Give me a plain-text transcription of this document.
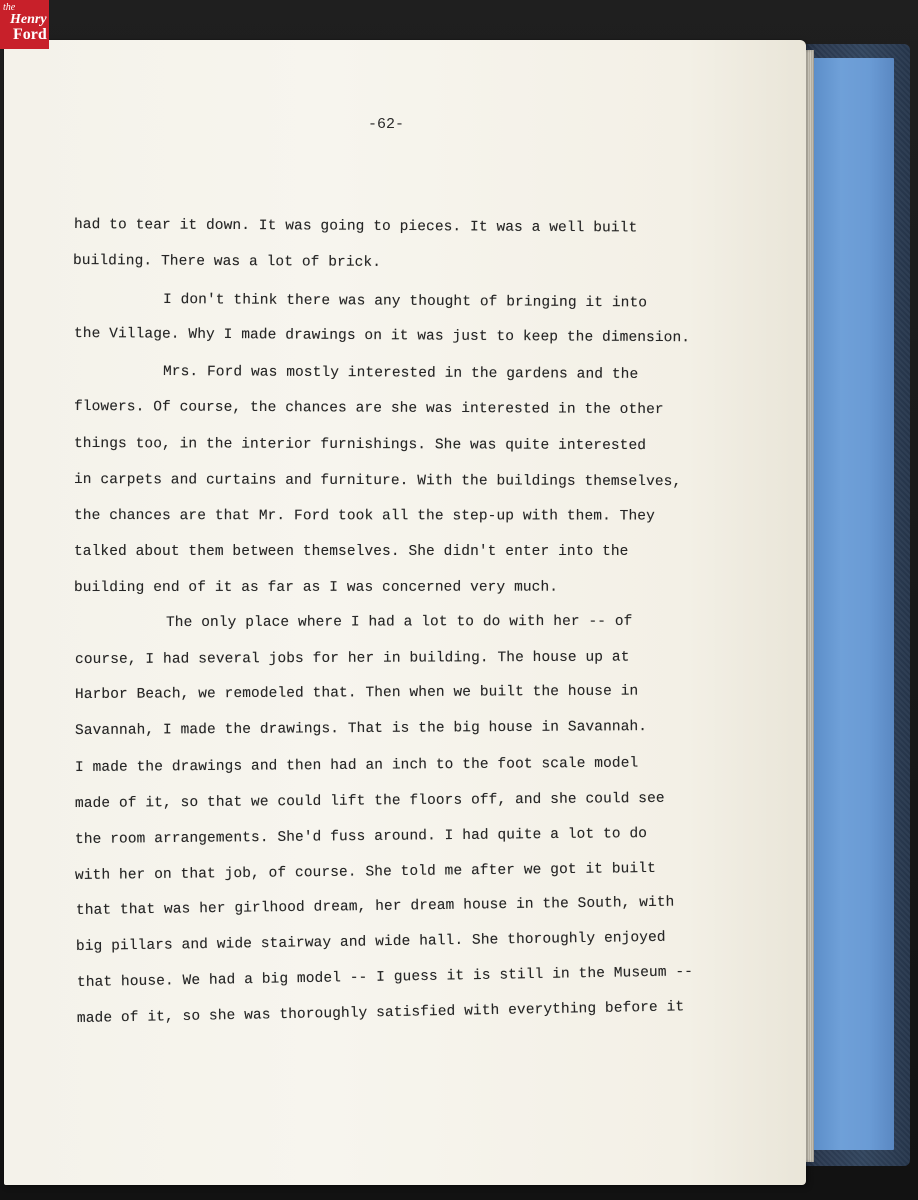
the
Henry
Ford

-62-

had to tear it down. It was going to pieces. It was a well built

building. There was a lot of brick.

I don't think there was any thought of bringing it into

the Village. Why I made drawings on it was just to keep the dimension.

Mrs. Ford was mostly interested in the gardens and the

flowers. Of course, the chances are she was interested in the other

things too, in the interior furnishings. She was quite interested

in carpets and curtains and furniture. With the buildings themselves,

the chances are that Mr. Ford took all the step-up with them. They

talked about them between themselves. She didn't enter into the

building end of it as far as I was concerned very much.

The only place where I had a lot to do with her -- of

course, I had several jobs for her in building. The house up at

Harbor Beach, we remodeled that. Then when we built the house in

Savannah, I made the drawings. That is the big house in Savannah.

I made the drawings and then had an inch to the foot scale model

made of it, so that we could lift the floors off, and she could see

the room arrangements. She'd fuss around. I had quite a lot to do

with her on that job, of course. She told me after we got it built

that that was her girlhood dream, her dream house in the South, with

big pillars and wide stairway and wide hall. She thoroughly enjoyed

that house. We had a big model -- I guess it is still in the Museum --

made of it, so she was thoroughly satisfied with everything before it
